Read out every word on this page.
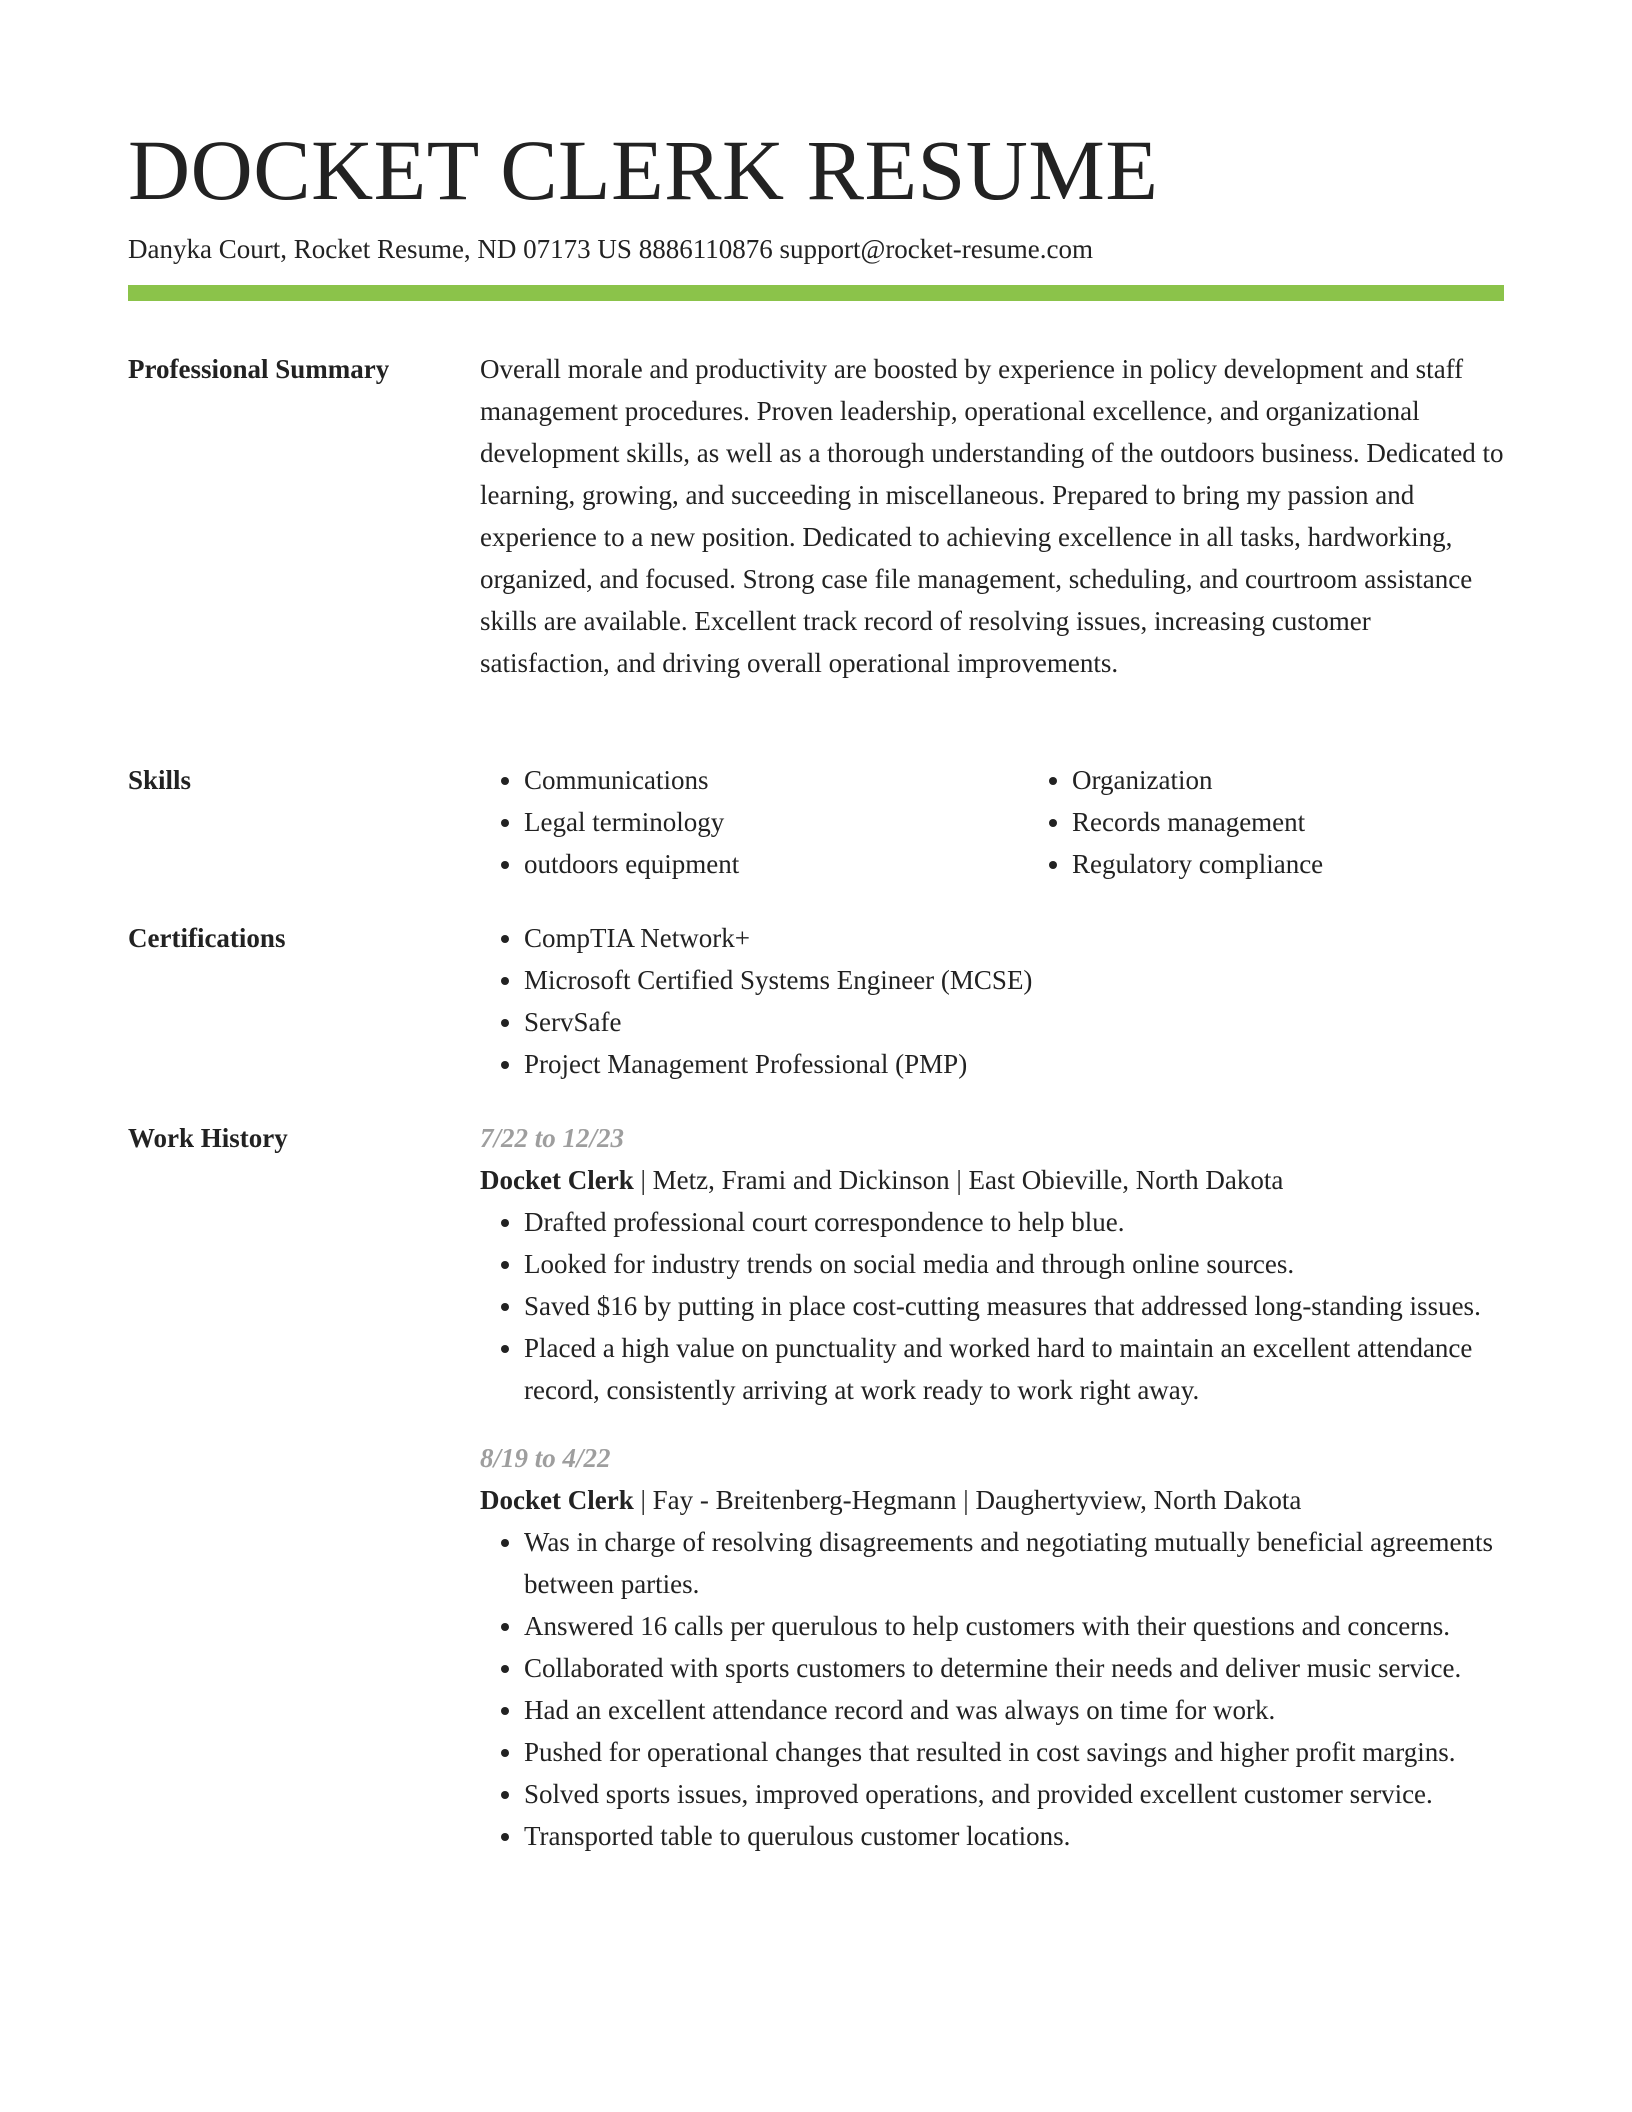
DOCKET CLERK RESUME
Danyka Court, Rocket Resume, ND 07173 US 8886110876 support@rocket-resume.com
Professional Summary	Overall morale and productivity are boosted by experience in policy development and staff management procedures. Proven leadership, operational excellence, and organizational development skills, as well as a thorough understanding of the outdoors business. Dedicated to learning, growing, and succeeding in miscellaneous. Prepared to bring my passion and experience to a new position. Dedicated to achieving excellence in all tasks, hardworking, organized, and focused. Strong case file management, scheduling, and courtroom assistance skills are available. Excellent track record of resolving issues, increasing customer satisfaction, and driving overall operational improvements.

Skills	• Communications
• Legal terminology
• outdoors equipment
• Organization
• Records management
• Regulatory compliance
Certifications	• CompTIA Network+
• Microsoft Certified Systems Engineer (MCSE)
• ServSafe
• Project Management Professional (PMP)
Work History	7/22 to 12/23

Docket Clerk | Metz, Frami and Dickinson | East Obieville, North Dakota

• Drafted professional court correspondence to help blue.
• Looked for industry trends on social media and through online sources.
• Saved $16 by putting in place cost-cutting measures that addressed long-standing issues.
• Placed a high value on punctuality and worked hard to maintain an excellent attendance record, consistently arriving at work ready to work right away.

8/19 to 4/22

Docket Clerk | Fay - Breitenberg-Hegmann | Daughertyview, North Dakota

• Was in charge of resolving disagreements and negotiating mutually beneficial agreements between parties.
• Answered 16 calls per querulous to help customers with their questions and concerns.
• Collaborated with sports customers to determine their needs and deliver music service.
• Had an excellent attendance record and was always on time for work.
• Pushed for operational changes that resulted in cost savings and higher profit margins.
• Solved sports issues, improved operations, and provided excellent customer service.
• Transported table to querulous customer locations.
